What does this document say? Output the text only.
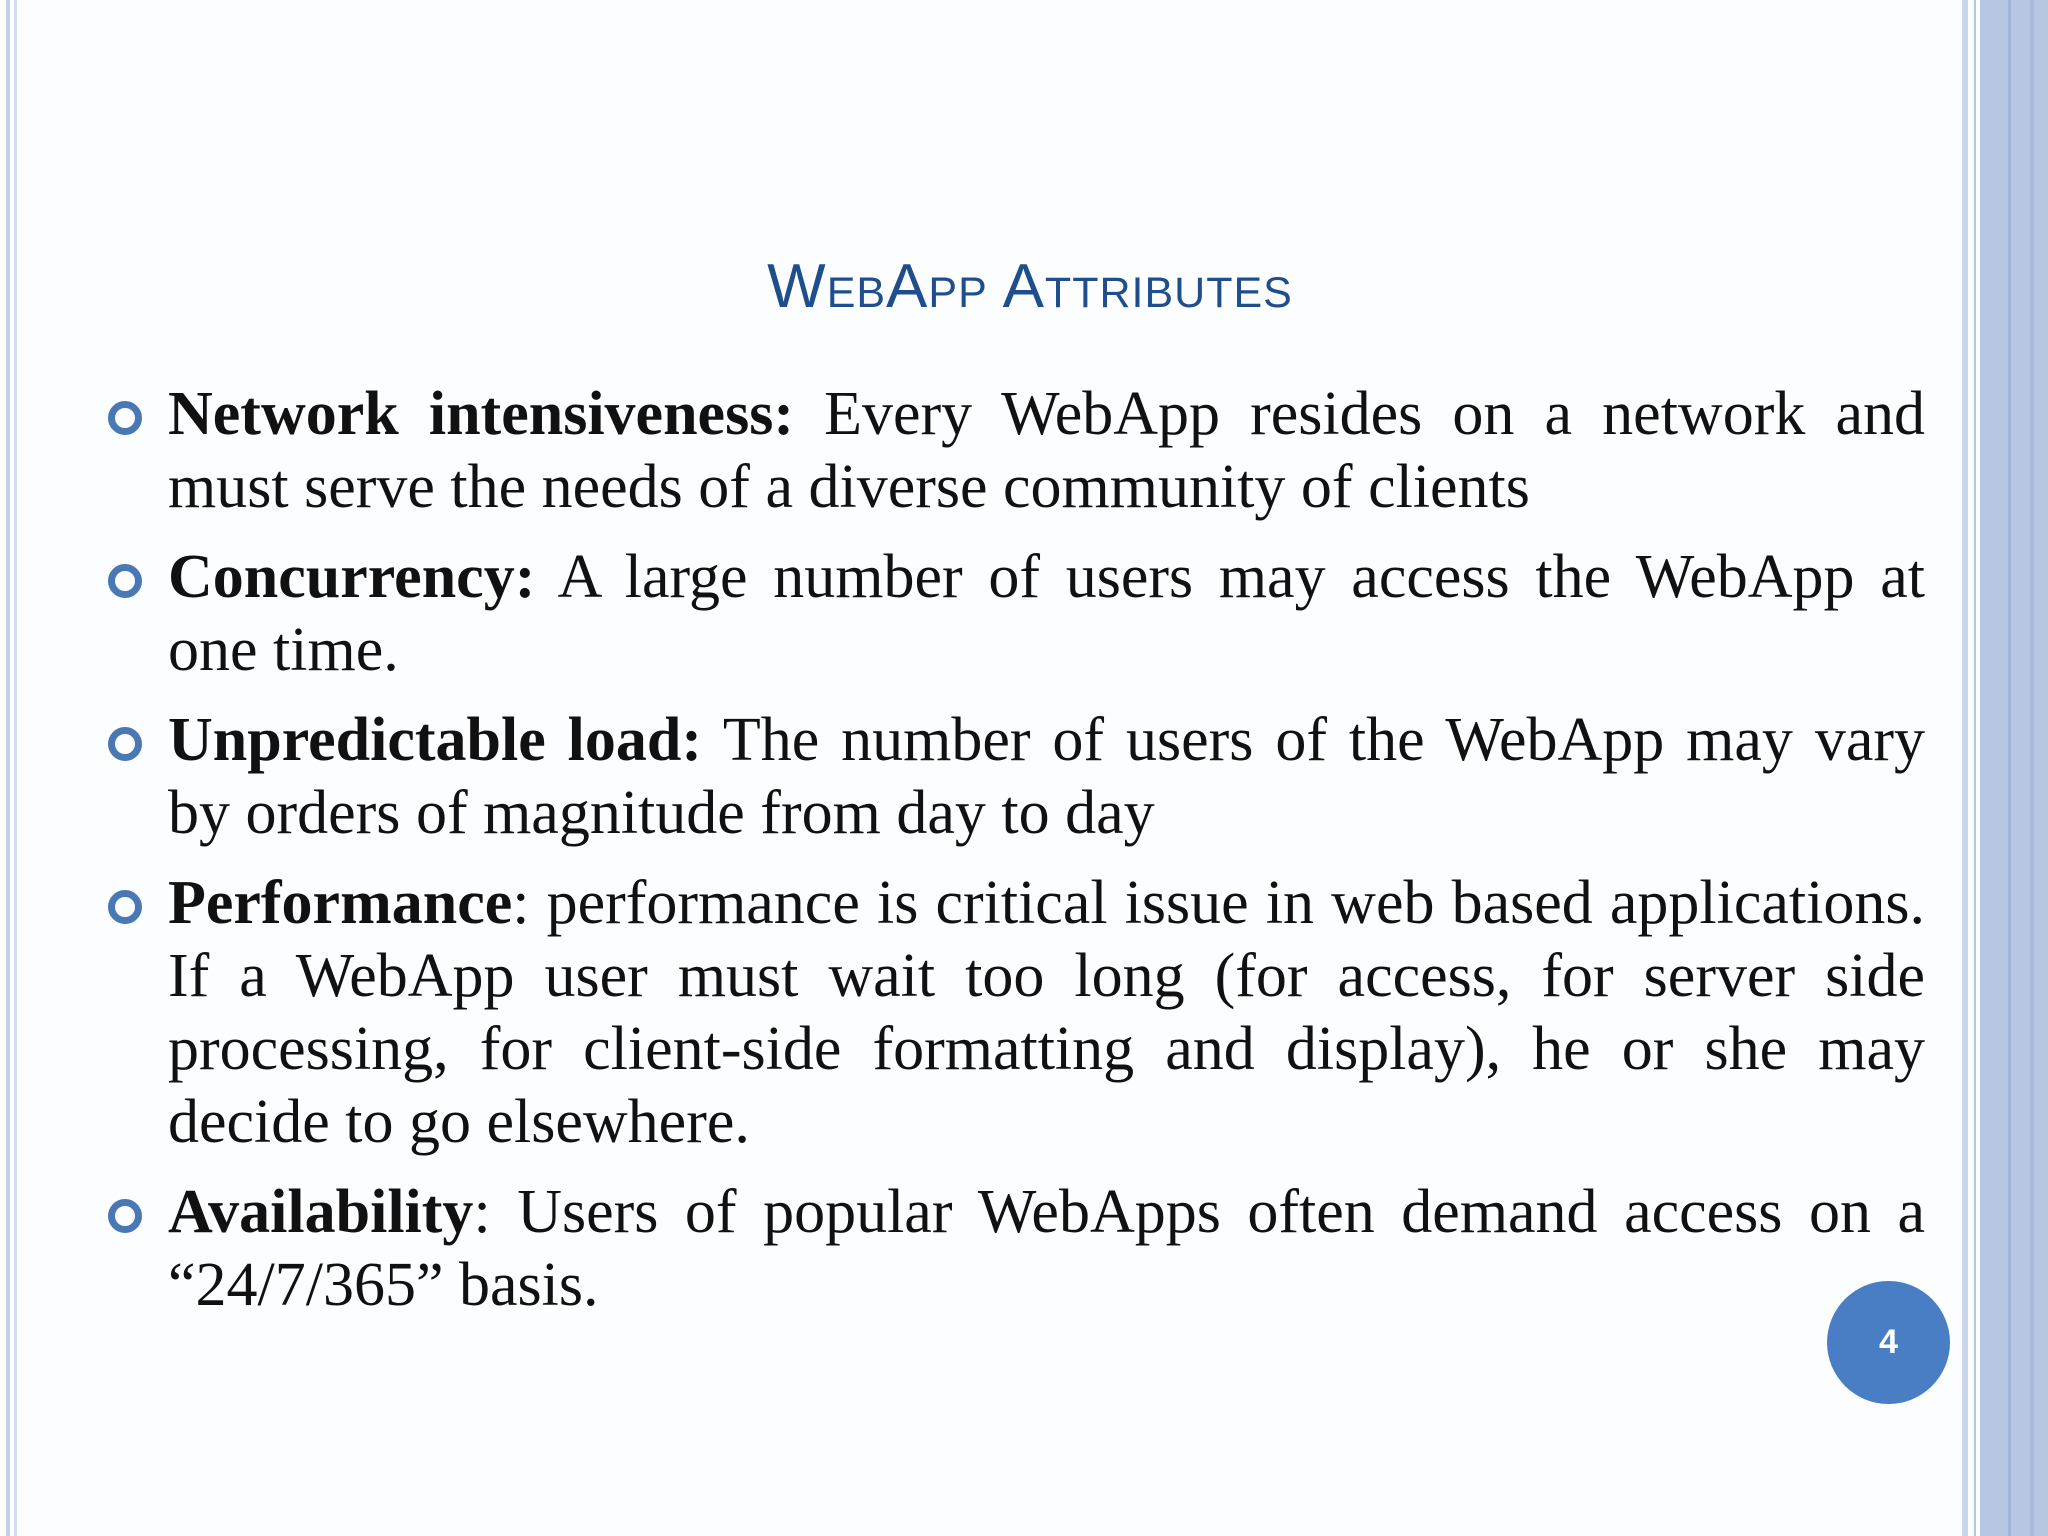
WebApp Attributes
Network intensiveness: Every WebApp resides on a network and must serve the needs of a diverse community of clients
Concurrency: A large number of users may access the WebApp at one time.
Unpredictable load: The number of users of the WebApp may vary by orders of magnitude from day to day
Performance: performance is critical issue in web based applications. If a WebApp user must wait too long (for access, for server side processing, for client-side formatting and display), he or she may decide to go elsewhere.
Availability: Users of popular WebApps often demand access on a “24/7/365” basis.
4
